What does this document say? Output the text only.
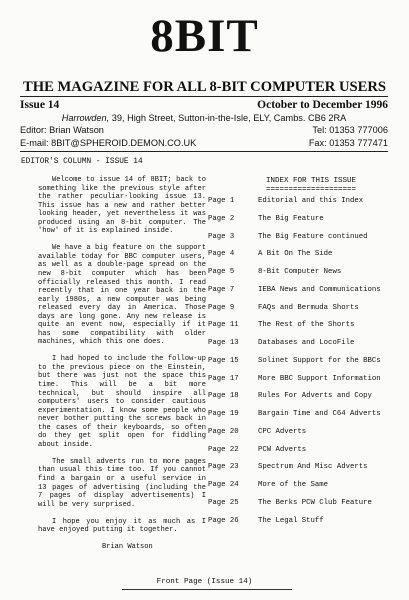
8BIT
THE MAGAZINE FOR ALL 8-BIT COMPUTER USERS
Issue 14	October to December 1996
Harrowden, 39, High Street, Sutton-in-the-Isle, ELY, Cambs. CB6 2RA
Editor: Brian Watson	Tel: 01353 777006
E-mail: 8BIT@SPHEROID.DEMON.CO.UK	Fax: 01353 777471
EDITOR'S COLUMN - ISSUE 14

Welcome to issue 14 of 8BIT; back to something like the previous style after the rather peculiar-looking issue 13. This issue has a new and rather better looking header, yet nevertheless it was produced using an 8-bit computer. The 'how' of it is explained inside.

We have a big feature on the support available today for BBC computer users, as well as a double-page spread on the new 8-bit computer which has been officially released this month. I read recently that in one year back in the early 1980s, a new computer was being released every day in America. Those days are long gone. Any new release is quite an event now, especially if it has some compatibility with older machines, which this one does.

I had hoped to include the follow-up to the previous piece on the Einstein, but there was just not the space this time. This will be a bit more technical, but should inspire all computers' users to consider cautious experimentation. I know some people who never bother putting the screws back in the cases of their keyboards, so often do they get split open for fiddling about inside.

The small adverts run to more pages than usual this time too. If you cannot find a bargain or a useful service in 13 pages of advertising (including the 7 pages of display advertisements) I will be very surprised.

I hope you enjoy it as much as I have enjoyed putting it together.

Brian Watson

INDEX FOR THIS ISSUE
====================
Page 1	Editorial and this Index
Page 2	The Big Feature
Page 3	The Big Feature continued
Page 4	A Bit On The Side
Page 5	8-Bit Computer News
Page 7	IEBA News and Communications
Page 9	FAQs and Bermuda Shorts
Page 11	The Rest of the Shorts
Page 13	Databases and LocoFile
Page 15	Solinet Support for the BBCs
Page 17	More BBC Support Information
Page 18	Rules For Adverts and Copy
Page 19	Bargain Time and C64 Adverts
Page 20	CPC Adverts
Page 22	PCW Adverts
Page 23	Spectrum And Misc Adverts
Page 24	More of the Same
Page 25	The Berks PCW Club Feature
Page 26	The Legal Stuff
Front Page (Issue 14)
